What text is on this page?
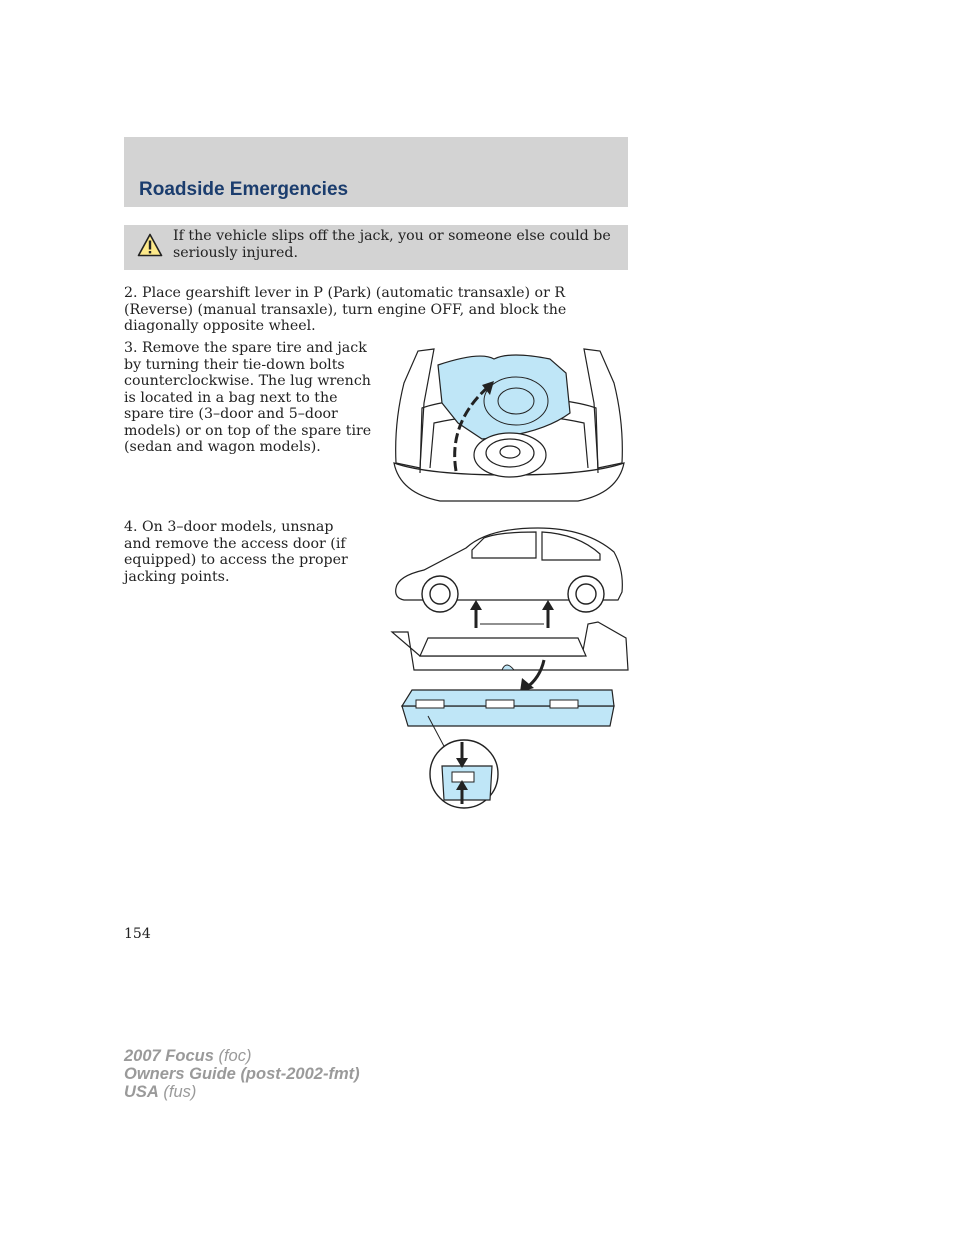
Roadside Emergencies
If the vehicle slips off the jack, you or someone else could be seriously injured.
2. Place gearshift lever in P (Park) (automatic transaxle) or R (Reverse) (manual transaxle), turn engine OFF, and block the diagonally opposite wheel.
3. Remove the spare tire and jack by turning their tie-down bolts counterclockwise. The lug wrench is located in a bag next to the spare tire (3–door and 5–door models) or on top of the spare tire (sedan and wagon models).
4. On 3–door models, unsnap and remove the access door (if equipped) to access the proper jacking points.
154
2007 Focus (foc)
Owners Guide (post-2002-fmt)
USA (fus)
